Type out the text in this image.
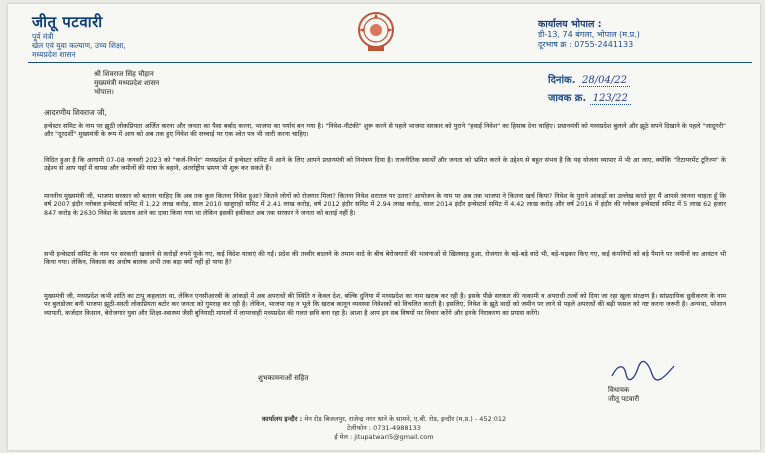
जीतू पटवारी
पूर्व मंत्री
खेल एवं युवा कल्याण, उच्च शिक्षा,
मध्यप्रदेश शासन
कार्यालय भोपाल :
डी-13, 74 बंगला, भोपाल (म.प्र.)
दूरभाष क्र : 0755-2441133
श्री शिवराज सिंह चौहान
मुख्यमंत्री मध्यप्रदेश शासन
भोपाल।
दिनांक. 28/04/22
जावक क्र. 123/22
आदरणीय शिवराज जी,
इन्वेस्टर समिट के नाम पर झूठी लोकप्रियता अर्जित करना और जनता का पैसा बर्बाद करना, भाजपा का पर्याय बन गया है। "निवेश-नौटंकी" शुरू करने से पहले भाजपा सरकार को पुराने "हवाई निवेश" का हिसाब देना चाहिए। प्रधानमंत्री को मध्यप्रदेश बुलाने और झूठे सपने दिखाने के पहले "जादूगरी" और "दूरदर्शी" मुख्यमंत्री के रूप में आप को अब तक हुए निवेश की सच्चाई पर एक श्वेत पत्र भी जारी करना चाहिए।
विदित हुआ है कि आगामी 07-08 जनवरी 2023 को "कर्ज-निर्भर" मध्यप्रदेश में इन्वेस्टर समिट में आने के लिए आपने प्रधानमंत्री को निमंत्रण दिया है। राजनीतिक स्वार्थों और जनता को भ्रमित करने के उद्देश्य से बहुत संभव है कि यह योजना व्यापार में भी आ जाए, क्योंकि "रिटायरमेंट टूरिज्म" के उद्देश्य से आप यहाँ में वापस और जमीनों की यात्रा के बहाने, अंतर्राष्ट्रीय भ्रमण भी शुरू कर सकते हैं।
माननीय मुख्यमंत्री जी, भाजपा सरकार को बताना चाहिए कि अब तक कुल कितना निवेश हुआ? कितने लोगों को रोजगार मिला? कितना निवेश धरातल पर उतरा? आयोजन के नाम पर अब तक भाजपा ने कितना खर्च किया? निवेश के पुराने आंकड़ों का उल्लेख करते हुए मैं आपसे जानना चाहता हूँ कि वर्ष 2007 इंदौर ग्लोबल इन्वेस्टर्स समिट में 1.22 लाख करोड़, साल 2010 खजुराहो समिट में 2.41 लाख करोड़, वर्ष 2012 इंदौर समिट में 2.94 लाख करोड़, साल 2014 इंदौर इन्वेस्टर्स समिट में 4.42 लाख करोड़ और वर्ष 2016 में इंदौर की ग्लोबल इन्वेस्टर्स समिट में 5 लाख 62 हजार 847 करोड़ के 2630 निवेश के प्रस्ताव आने का दावा किया गया था लेकिन इसकी हकीकत अब तक सरकार ने जनता को बताई नहीं है।
सभी इन्वेस्टर्स समिट के नाम पर सरकारी खजाने से करोड़ों रुपये फूंके गए, कई विदेश यात्राएं की गईं। प्रदेश की तस्वीर बदलने के तमाम वादे के बीच बेरोजगारों की भावनाओं से खिलवाड़ हुआ, रोजगार के बड़े-बड़े वादे भी, बड़े-चढ़कर किए गए, कई कंपनियों को बड़े पैमाने पर जमीनों का आवंटन भी किया गया। लेकिन, विकास का अधोष बालक अभी तक बड़ा क्यों नहीं हो पाया है?
मुख्यमंत्री जी, मध्यप्रदेश कभी शांति का टापू कहलाता था, लेकिन एनसीआरबी के आंकड़ों में अब अपराधों की स्थिति न केवल देश, बल्कि दुनिया में मध्यप्रदेश का नाम खराब कर रही है। इसके पीछे सरकार की नाकामी व अपराधी तत्वों को दिया जा रहा खुला संरक्षण है। सांप्रदायिक ध्रुवीकरण के नाम पर बुलडोजर बनी भाजपा झूठी-सस्ती लोकप्रियता बटोर कर जनता को गुमराह कर रही है। लेकिन, भाजपा यह न भूले कि खराब कानून व्यवस्था निवेशकों को विचलित करती है। इसलिए, निवेश के झूठे वादों को जमीन पर लाने से पहले अपराधों की बढ़ी फसल को नष्ट करना जरूरी है। अन्यथा, परेशान व्यापारी, कर्जदार किसान, बेरोजगार युवा और शिक्षा-स्वास्थ्य जैसी बुनियादी मामलों में लापरवाही मध्यप्रदेश की गलत छवि बना रहा है। आशा है आप इन सब विषयों पर विचार करेंगे और इनके निराकरण का प्रयास करेंगे।
शुभकामनाओं सहित
विधायक
जीतू पटवारी
कार्यालय इन्दौर : मेन रोड बिजलपुर, राजेन्द्र नगर थाने के सामने, ए.बी. रोड, इन्दौर (म.प्र.) - 452 012
टेलीफोन : 0731-4988133
ई मेल : jitupatwari5@gmail.com
